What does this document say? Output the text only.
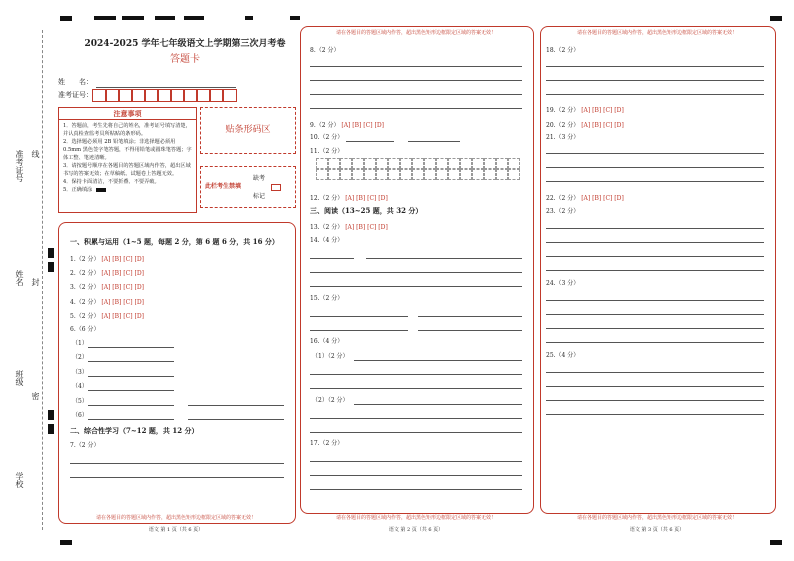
准考证号
姓名
班级
学校
线
封
密
2024-2025 学年七年级语文上学期第三次月考卷
答题卡
姓　　名：
准考证号：
注意事项
1．答题前，考生先将自己的姓名，准考证号填写清楚，并认真检查监考员所粘贴的条形码。
2．选择题必须用 2B 铅笔填涂；非选择题必须用 0.5mm 黑色签字笔答题，不得用铅笔或圆珠笔答题；字体工整、笔迹清晰。
3．请按题号顺序在各题目的答题区域内作答，超出区域书写的答案无效；在草稿纸、试题卷上答题无效。
4．保持卡面清洁，不要折叠、不要弄破。
5．正确填涂
贴条形码区
此栏考生禁填
缺考
标记
一、积累与运用（1~5 题，每题 2 分，第 6 题 6 分，共 16 分）
1.（2 分） [A] [B] [C] [D]
2.（2 分） [A] [B] [C] [D]
3.（2 分） [A] [B] [C] [D]
4.（2 分） [A] [B] [C] [D]
5.（2 分） [A] [B] [C] [D]
6.（6 分）
（1）
（2）
（3）
（4）
（5）
（6）
二、综合性学习（7~12 题，共 12 分）
7.（2 分）
请在各题目的答题区域内作答，超出黑色矩形边框限定区域的答案无效！
语文 第 1 页（共 6 页）
请在各题目的答题区域内作答，超出黑色矩形边框限定区域的答案无效！
8.（2 分）
9.（2 分） [A] [B] [C] [D]
10.（2 分）
11.（2 分）
12.（2 分） [A] [B] [C] [D]
三、阅读（13~25 题，共 32 分）
13.（2 分） [A] [B] [C] [D]
14.（4 分）
15.（2 分）
16.（4 分）
（1）（2 分）
（2）（2 分）
17.（2 分）
请在各题目的答题区域内作答，超出黑色矩形边框限定区域的答案无效！
语文 第 2 页（共 6 页）
请在各题目的答题区域内作答，超出黑色矩形边框限定区域的答案无效！
18.（2 分）
19.（2 分） [A] [B] [C] [D]
20.（2 分） [A] [B] [C] [D]
21.（3 分）
22.（2 分） [A] [B] [C] [D]
23.（2 分）
24.（3 分）
25.（4 分）
请在各题目的答题区域内作答，超出黑色矩形边框限定区域的答案无效！
语文 第 3 页（共 6 页）
